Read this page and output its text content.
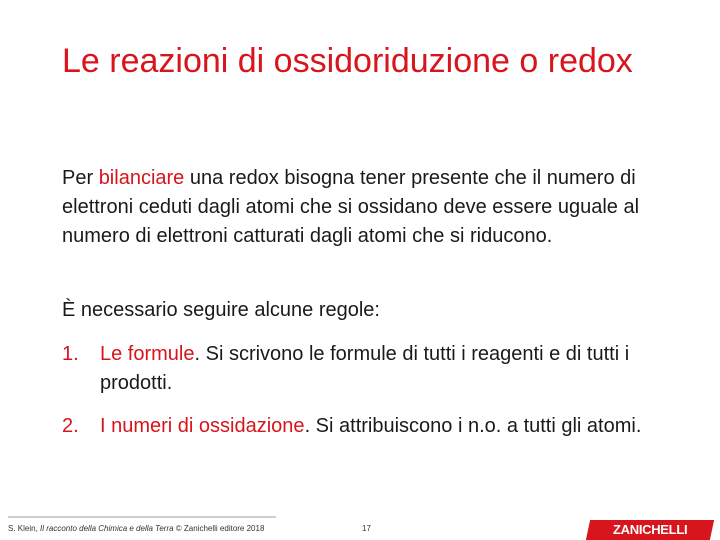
Le reazioni di ossidoriduzione o redox

Per bilanciare una redox bisogna tener presente che il numero di elettroni ceduti dagli atomi che si ossidano deve essere uguale al numero di elettroni catturati dagli atomi che si riducono.

È necessario seguire alcune regole:

1.	Le formule. Si scrivono le formule di tutti i reagenti e di tutti i prodotti.
2.	I numeri di ossidazione. Si attribuiscono i n.o. a tutti gli atomi.
S. Klein, Il racconto della Chimica e della Terra © Zanichelli editore 2018	17	ZANICHELLI
